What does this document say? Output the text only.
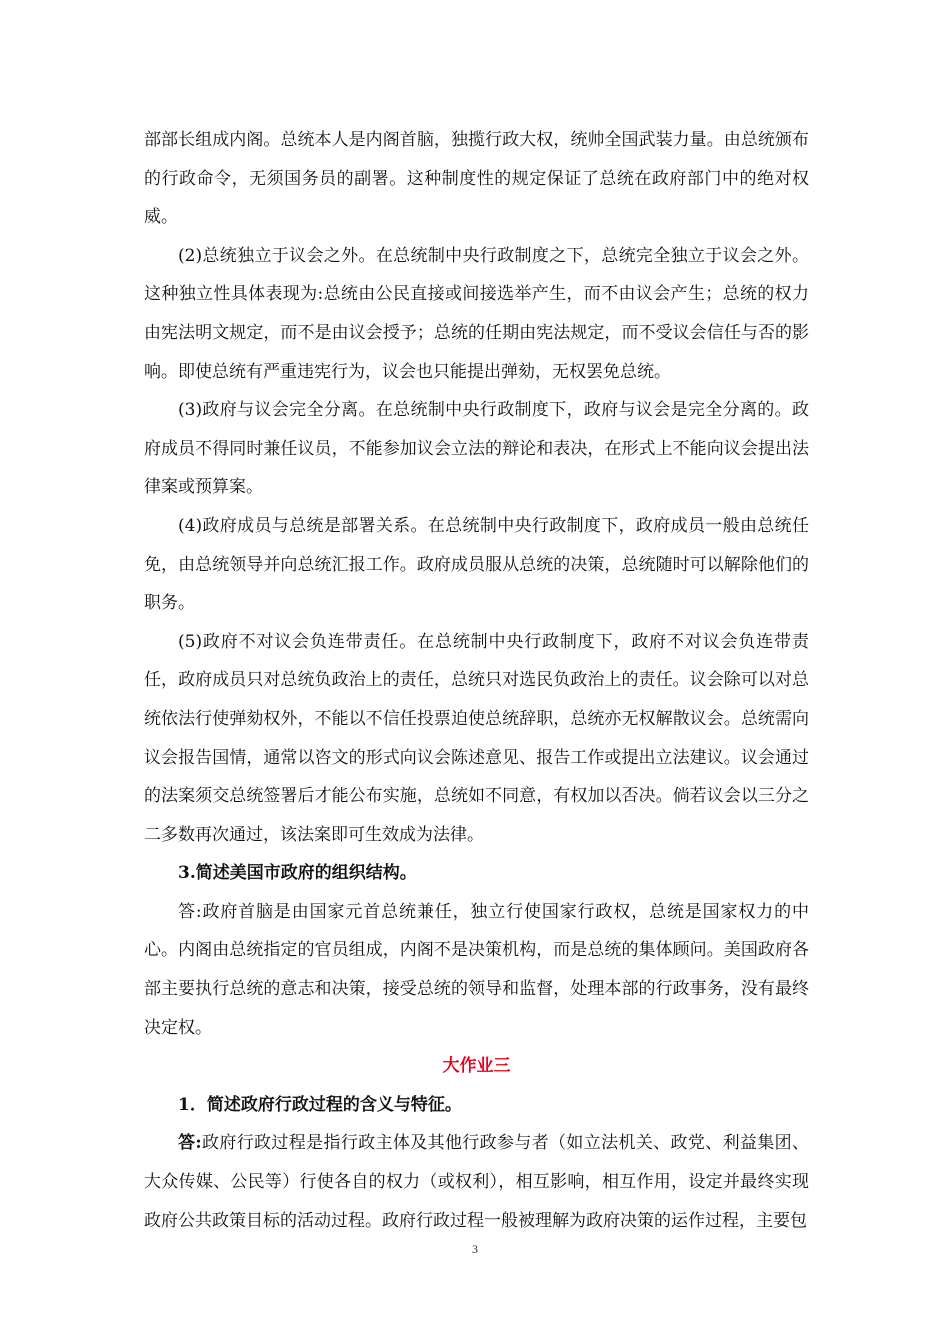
部部长组成内阁。总统本人是内阁首脑，独揽行政大权，统帅全国武装力量。由总统颁布的行政命令，无须国务员的副署。这种制度性的规定保证了总统在政府部门中的绝对权威。

(2)总统独立于议会之外。在总统制中央行政制度之下，总统完全独立于议会之外。这种独立性具体表现为:总统由公民直接或间接选举产生，而不由议会产生；总统的权力由宪法明文规定，而不是由议会授予；总统的任期由宪法规定，而不受议会信任与否的影响。即使总统有严重违宪行为，议会也只能提出弹劾，无权罢免总统。

(3)政府与议会完全分离。在总统制中央行政制度下，政府与议会是完全分离的。政府成员不得同时兼任议员，不能参加议会立法的辩论和表决，在形式上不能向议会提出法律案或预算案。

(4)政府成员与总统是部署关系。在总统制中央行政制度下，政府成员一般由总统任免，由总统领导并向总统汇报工作。政府成员服从总统的决策，总统随时可以解除他们的职务。

(5)政府不对议会负连带责任。在总统制中央行政制度下，政府不对议会负连带责任，政府成员只对总统负政治上的责任，总统只对选民负政治上的责任。议会除可以对总统依法行使弹劾权外，不能以不信任投票迫使总统辞职，总统亦无权解散议会。总统需向议会报告国情，通常以咨文的形式向议会陈述意见、报告工作或提出立法建议。议会通过的法案须交总统签署后才能公布实施，总统如不同意，有权加以否决。倘若议会以三分之二多数再次通过，该法案即可生效成为法律。

3.简述美国市政府的组织结构。

答:政府首脑是由国家元首总统兼任，独立行使国家行政权，总统是国家权力的中心。内阁由总统指定的官员组成，内阁不是决策机构，而是总统的集体顾问。美国政府各部主要执行总统的意志和决策，接受总统的领导和监督，处理本部的行政事务，没有最终决定权。

大作业三

1．简述政府行政过程的含义与特征。

答:政府行政过程是指行政主体及其他行政参与者（如立法机关、政党、利益集团、大众传媒、公民等）行使各自的权力（或权利），相互影响，相互作用，设定并最终实现政府公共政策目标的活动过程。政府行政过程一般被理解为政府决策的运作过程，主要包

3
